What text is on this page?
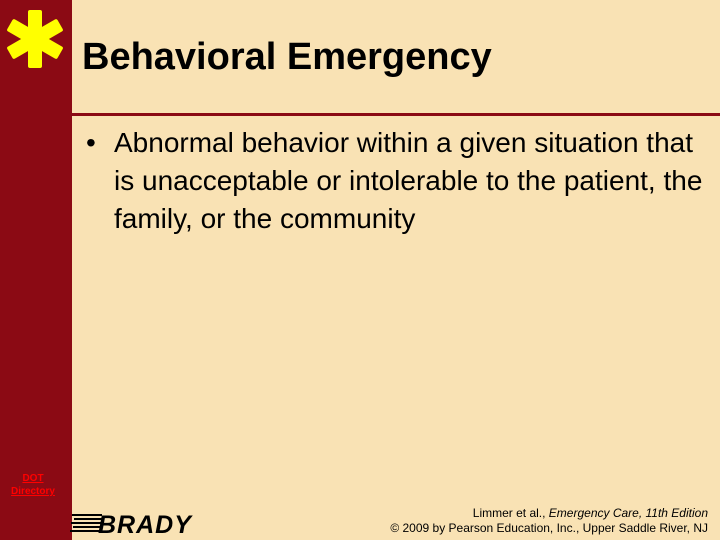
DOT
Directory
Behavioral Emergency
• Abnormal behavior within a given situation that is unacceptable or intolerable to the patient, the family, or the community
BRADY	Limmer et al., Emergency Care, 11th Edition
© 2009 by Pearson Education, Inc., Upper Saddle River, NJ
